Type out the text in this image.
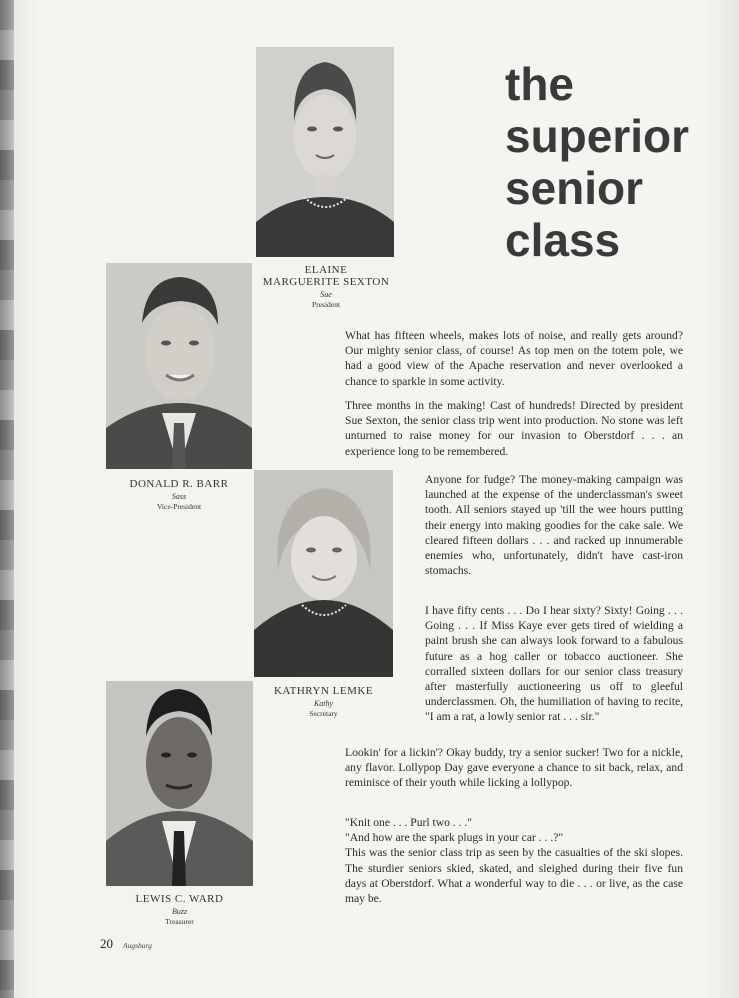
ELAINE
MARGUERITE SEXTON
Sue
President
the
superior
senior
class
DONALD R. BARR
Sass
Vice-President

What has fifteen wheels, makes lots of noise, and really gets around? Our mighty senior class, of course! As top men on the totem pole, we had a good view of the Apache reservation and never overlooked a chance to sparkle in some activity.

Three months in the making! Cast of hundreds! Directed by president Sue Sexton, the senior class trip went into production. No stone was left unturned to raise money for our invasion to Oberstdorf . . . an experience long to be remembered.

KATHRYN LEMKE
Kathy
Secretary

Anyone for fudge? The money-making campaign was launched at the expense of the underclassman's sweet tooth. All seniors stayed up 'till the wee hours putting their energy into making goodies for the cake sale. We cleared fifteen dollars . . . and racked up innumerable enemies who, unfortunately, didn't have cast-iron stomachs.

I have fifty cents . . . Do I hear sixty? Sixty! Going . . . Going . . . If Miss Kaye ever gets tired of wielding a paint brush she can always look forward to a fabulous future as a hog caller or tobacco auctioneer. She corralled sixteen dollars for our senior class treasury after masterfully auctioneering us off to gleeful underclassmen. Oh, the humiliation of having to recite, "I am a rat, a lowly senior rat . . . sir."

LEWIS C. WARD
Buzz
Treasurer

Lookin' for a lickin'? Okay buddy, try a senior sucker! Two for a nickle, any flavor. Lollypop Day gave everyone a chance to sit back, relax, and reminisce of their youth while licking a lollypop.

"Knit one . . . Purl two . . ."
"And how are the spark plugs in your car . . .?"
This was the senior class trip as seen by the casualties of the ski slopes. The sturdier seniors skied, skated, and sleighed during their five fun days at Oberstdorf. What a wonderful way to die . . . or live, as the case may be.
20 Augsburg
